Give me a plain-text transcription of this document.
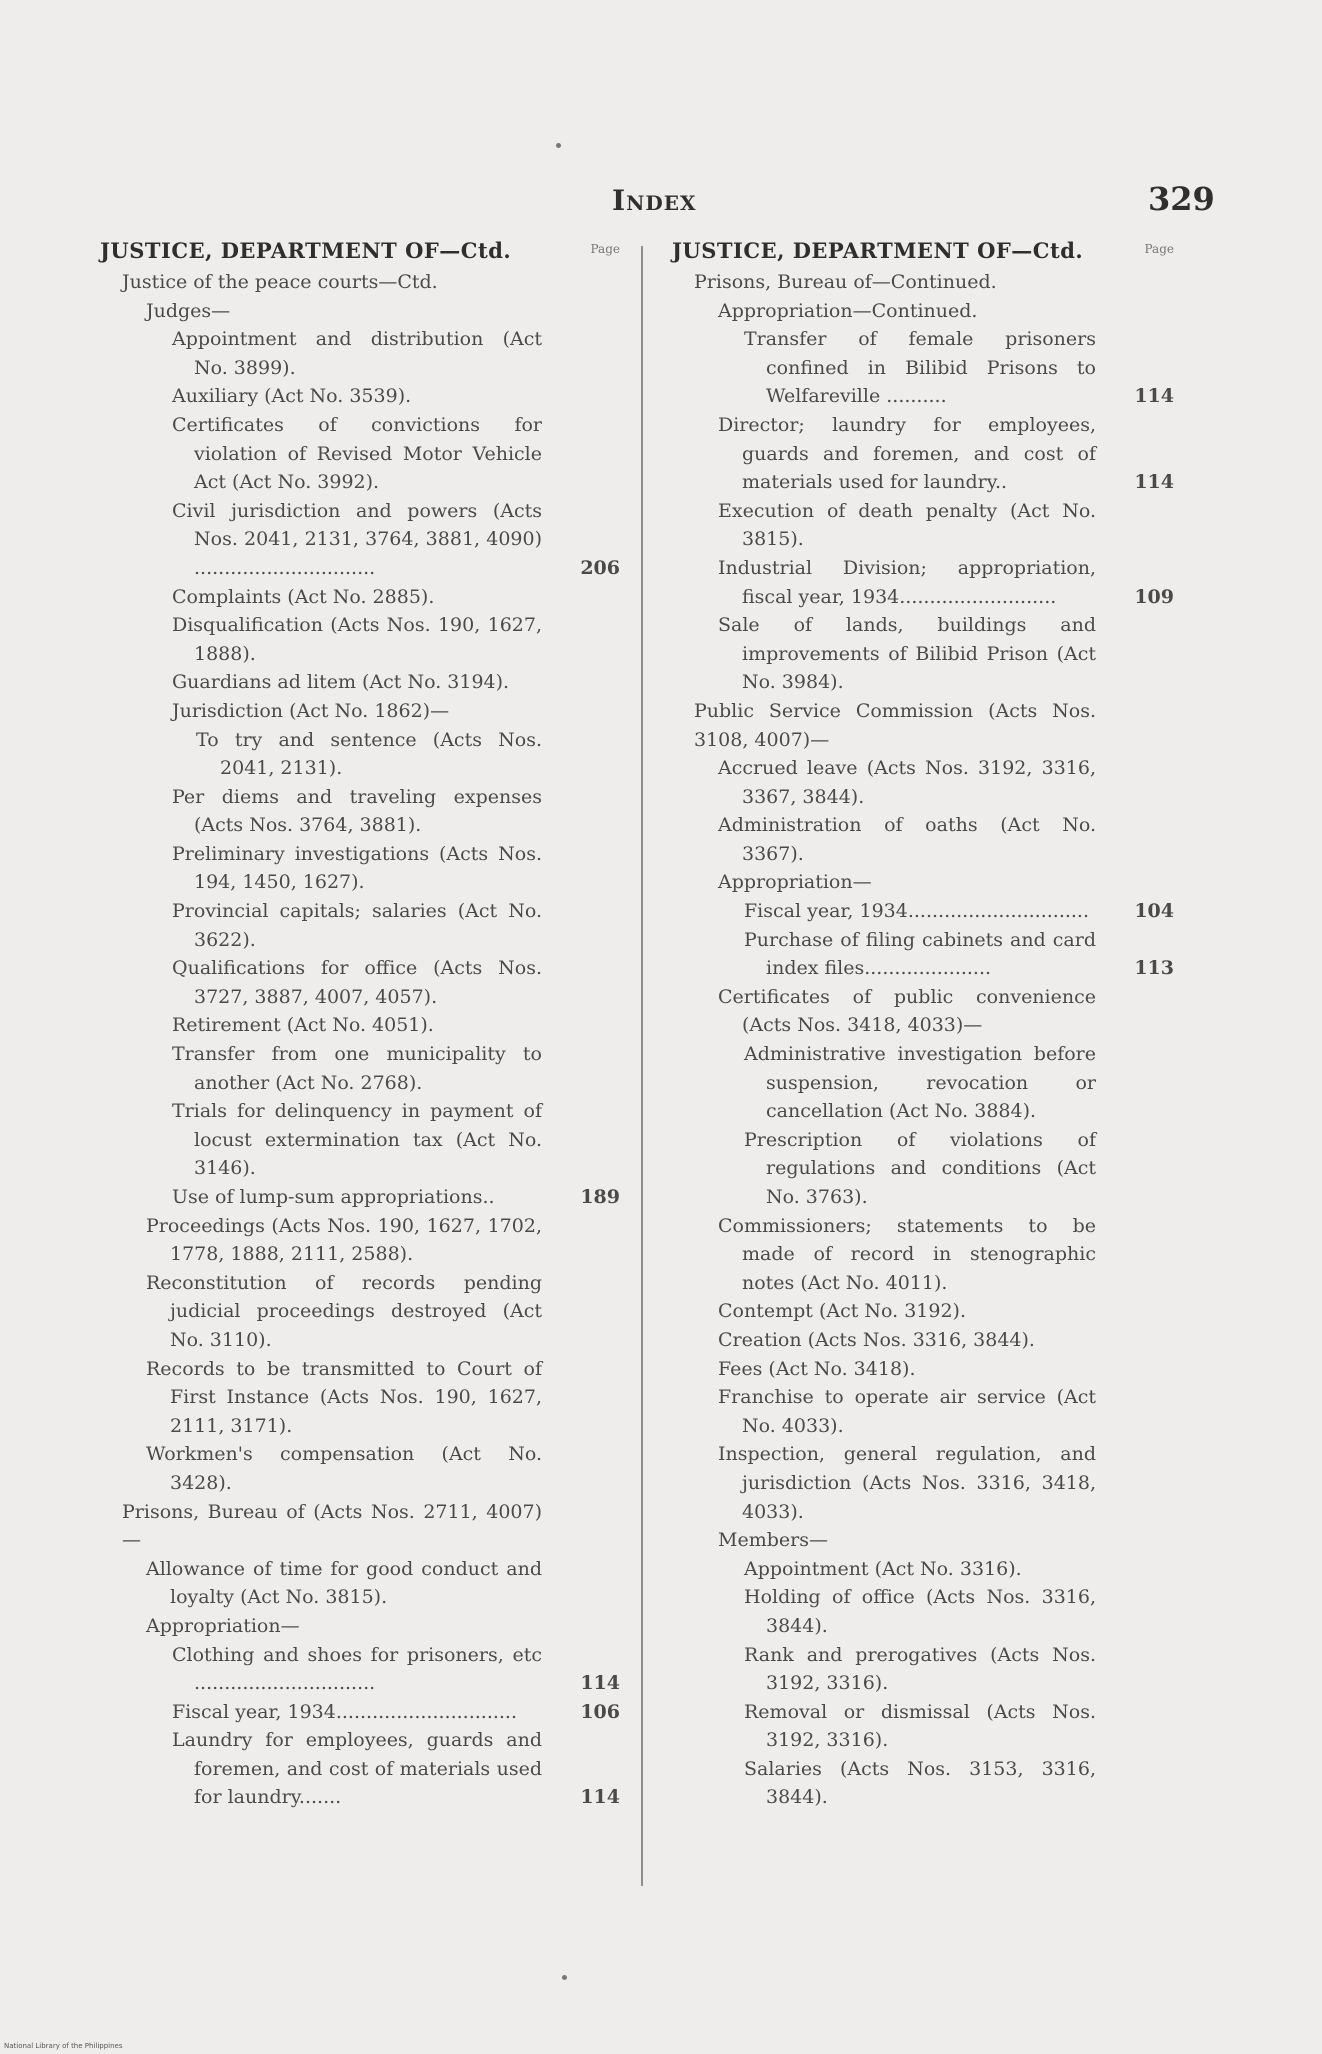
Index	329
JUSTICE, DEPARTMENT OF—Ctd.	Page
Justice of the peace courts—Ctd.
Judges—
Appointment and distribution (Act No. 3899).
Auxiliary (Act No. 3539).
Certificates of convictions for violation of Revised Motor Vehicle Act (Act No. 3992).
Civil jurisdiction and powers (Acts Nos. 2041, 2131, 3764, 3881, 4090) ..............................	206
Complaints (Act No. 2885).
Disqualification (Acts Nos. 190, 1627, 1888).
Guardians ad litem (Act No. 3194).
Jurisdiction (Act No. 1862)—
To try and sentence (Acts Nos. 2041, 2131).
Per diems and traveling expenses (Acts Nos. 3764, 3881).
Preliminary investigations (Acts Nos. 194, 1450, 1627).
Provincial capitals; salaries (Act No. 3622).
Qualifications for office (Acts Nos. 3727, 3887, 4007, 4057).
Retirement (Act No. 4051).
Transfer from one municipality to another (Act No. 2768).
Trials for delinquency in payment of locust extermination tax (Act No. 3146).
Use of lump-sum appropriations..	189
Proceedings (Acts Nos. 190, 1627, 1702, 1778, 1888, 2111, 2588).
Reconstitution of records pending judicial proceedings destroyed (Act No. 3110).
Records to be transmitted to Court of First Instance (Acts Nos. 190, 1627, 2111, 3171).
Workmen's compensation (Act No. 3428).
Prisons, Bureau of (Acts Nos. 2711, 4007)—
Allowance of time for good conduct and loyalty (Act No. 3815).
Appropriation—
Clothing and shoes for prisoners, etc ..............................	114
Fiscal year, 1934..............................	106
Laundry for employees, guards and foremen, and cost of materials used for laundry.......	114
JUSTICE, DEPARTMENT OF—Ctd.	Page
Prisons, Bureau of—Continued.
Appropriation—Continued.
Transfer of female prisoners confined in Bilibid Prisons to Welfareville ..........	114
Director; laundry for employees, guards and foremen, and cost of materials used for laundry..	114
Execution of death penalty (Act No. 3815).
Industrial Division; appropriation, fiscal year, 1934..........................	109
Sale of lands, buildings and improvements of Bilibid Prison (Act No. 3984).
Public Service Commission (Acts Nos. 3108, 4007)—
Accrued leave (Acts Nos. 3192, 3316, 3367, 3844).
Administration of oaths (Act No. 3367).
Appropriation—
Fiscal year, 1934.............................. 104
Purchase of filing cabinets and card index files.....................	113
Certificates of public convenience (Acts Nos. 3418, 4033)—
Administrative investigation before suspension, revocation or cancellation (Act No. 3884).
Prescription of violations of regulations and conditions (Act No. 3763).
Commissioners; statements to be made of record in stenographic notes (Act No. 4011).
Contempt (Act No. 3192).
Creation (Acts Nos. 3316, 3844).
Fees (Act No. 3418).
Franchise to operate air service (Act No. 4033).
Inspection, general regulation, and jurisdiction (Acts Nos. 3316, 3418, 4033).
Members—
Appointment (Act No. 3316).
Holding of office (Acts Nos. 3316, 3844).
Rank and prerogatives (Acts Nos. 3192, 3316).
Removal or dismissal (Acts Nos. 3192, 3316).
Salaries (Acts Nos. 3153, 3316, 3844).
National Library of the Philippines
